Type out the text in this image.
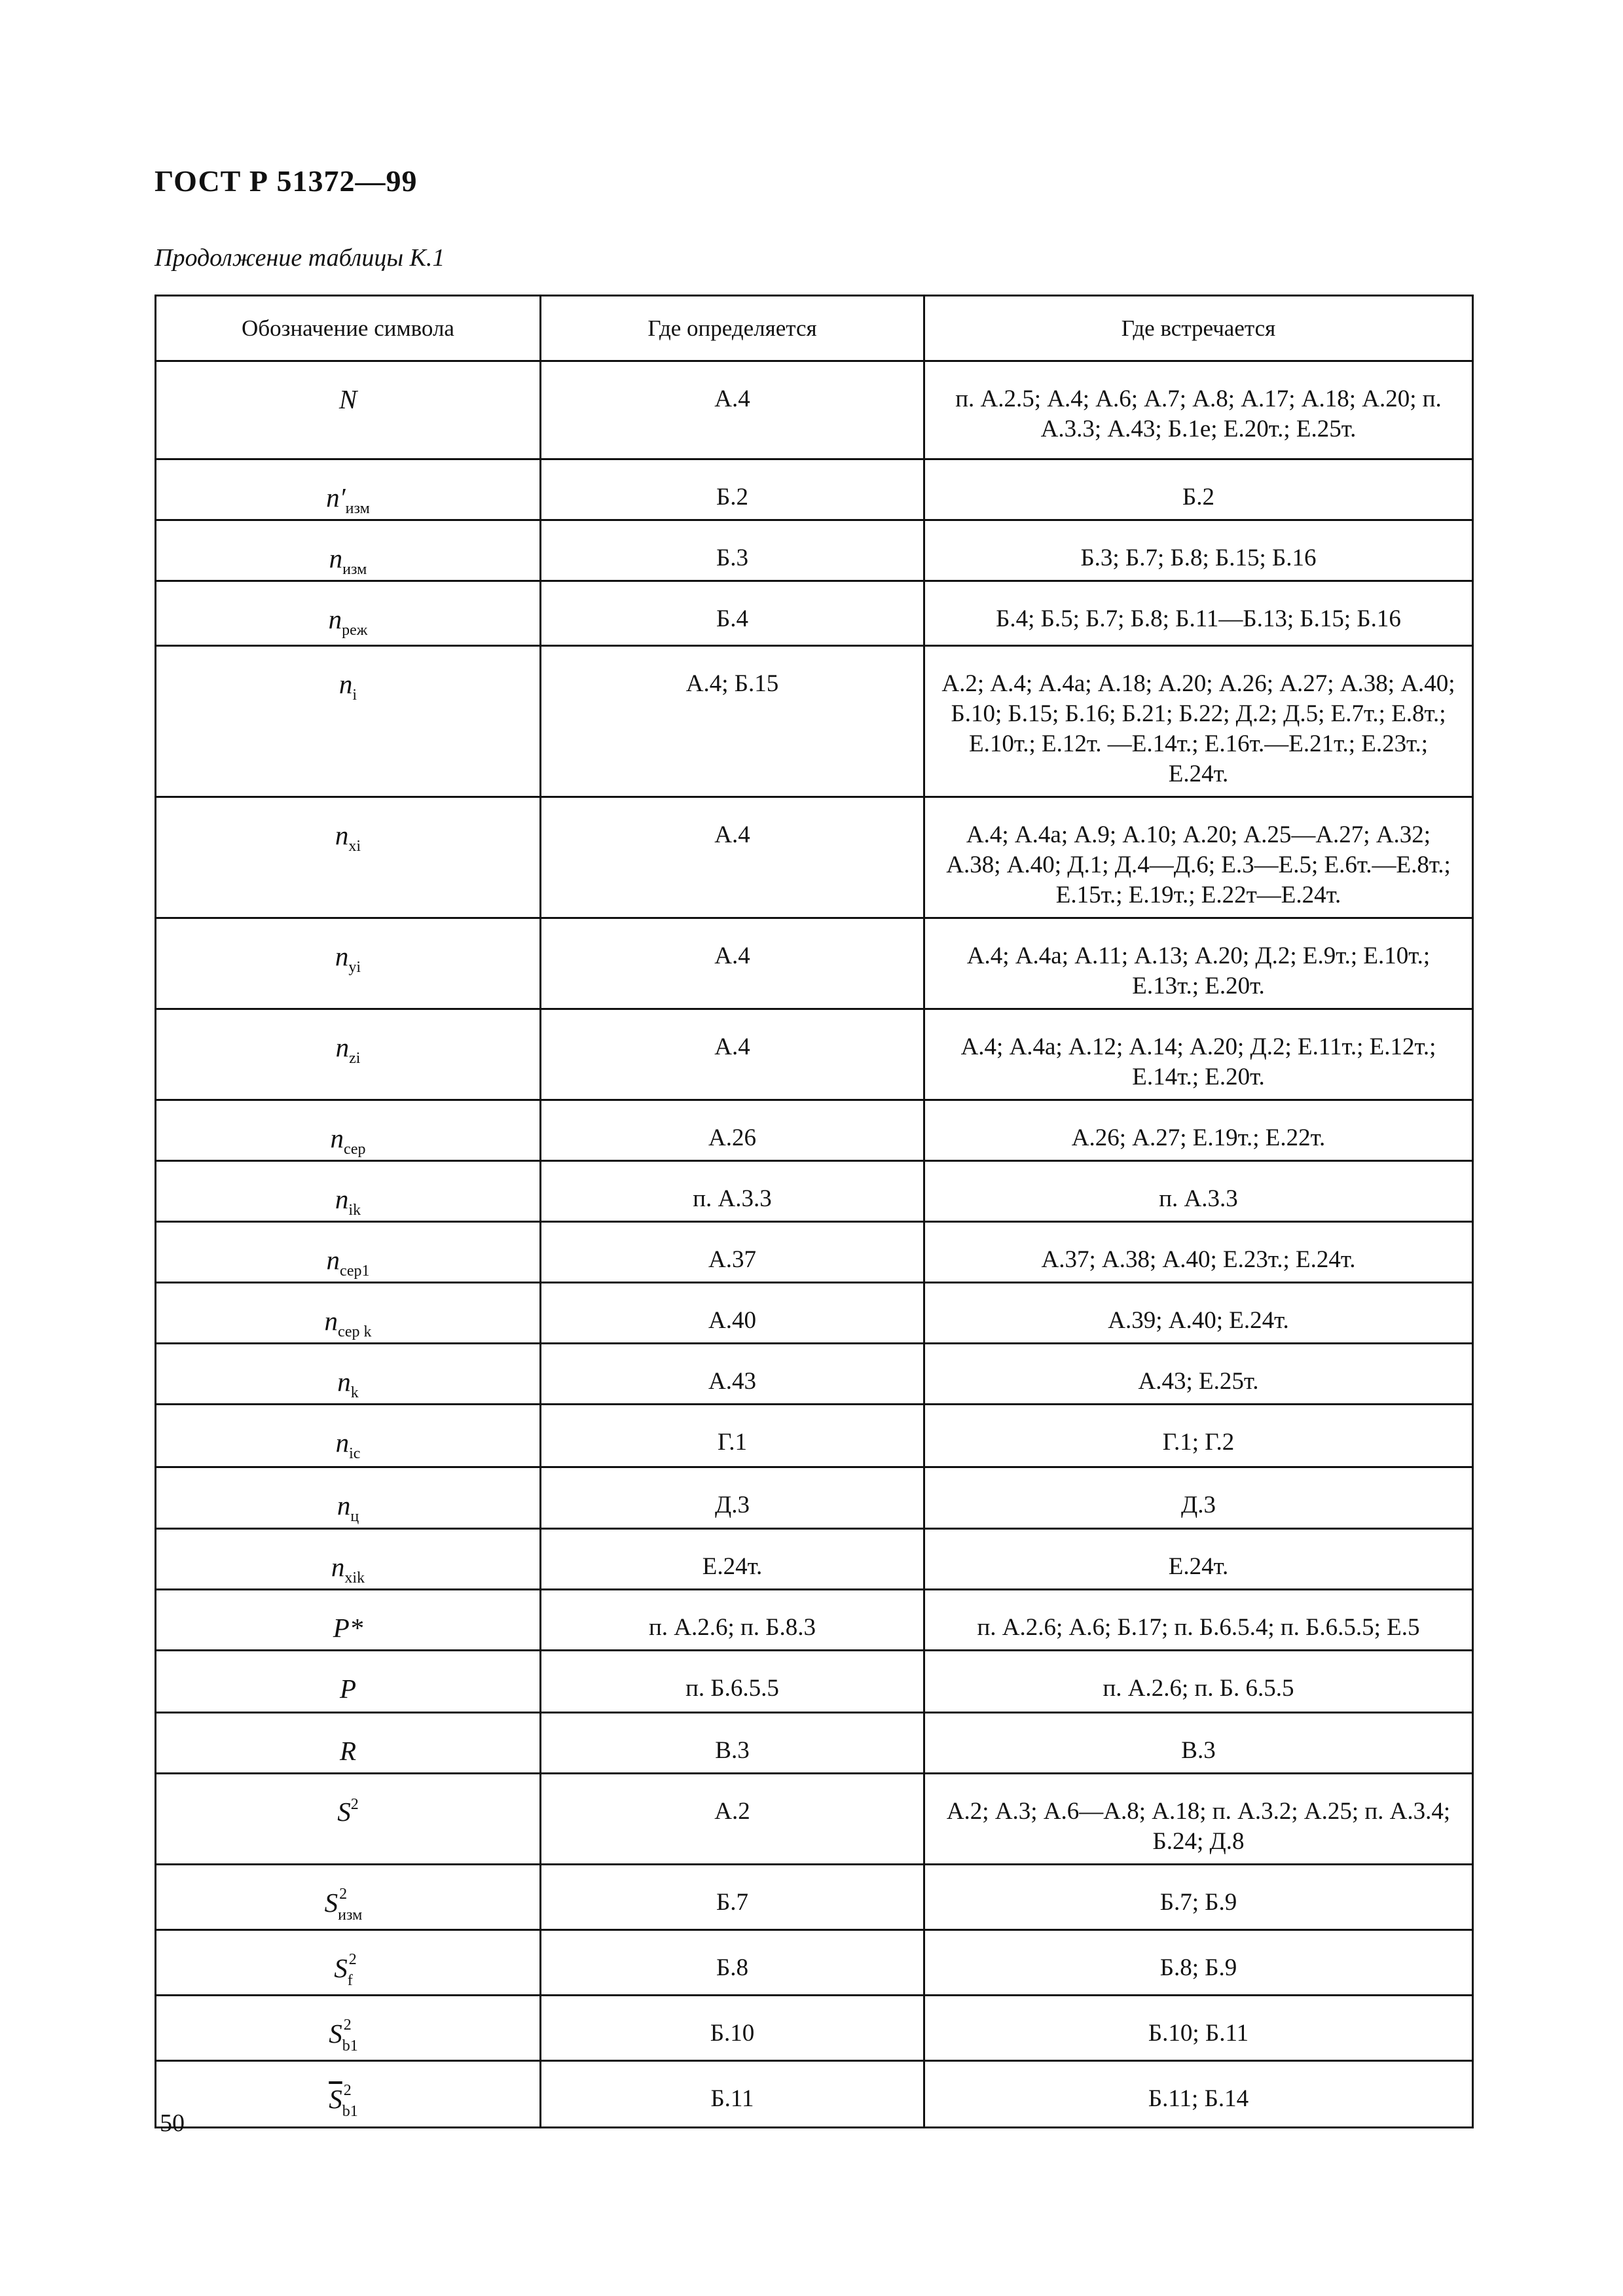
ГОСТ Р 51372—99
Продолжение таблицы К.1
Обозначение символа	Где определяется	Где встречается
N	А.4	п. А.2.5; А.4; А.6; А.7; А.8; А.17; А.18; А.20; п. А.3.3; А.43; Б.1е; Е.20т.; Е.25т.
$n'_{изм}$	Б.2	Б.2
$n_{изм}$	Б.3	Б.3; Б.7; Б.8; Б.15; Б.16
$n_{реж}$	Б.4	Б.4; Б.5; Б.7; Б.8; Б.11—Б.13; Б.15; Б.16
$n_i$	А.4; Б.15	А.2; А.4; А.4а; А.18; А.20; А.26; А.27; А.38; А.40; Б.10; Б.15; Б.16; Б.21; Б.22; Д.2; Д.5; Е.7т.; Е.8т.; Е.10т.; Е.12т. —Е.14т.; Е.16т.—Е.21т.; Е.23т.; Е.24т.
$n_{xi}$	А.4	А.4; А.4а; А.9; А.10; А.20; А.25—А.27; А.32; А.38; А.40; Д.1; Д.4—Д.6; Е.3—Е.5; Е.6т.—Е.8т.; Е.15т.; Е.19т.; Е.22т—Е.24т.
$n_{yi}$	А.4	А.4; А.4а; А.11; А.13; А.20; Д.2; Е.9т.; Е.10т.; Е.13т.; Е.20т.
$n_{zi}$	А.4	А.4; А.4а; А.12; А.14; А.20; Д.2; Е.11т.; Е.12т.; Е.14т.; Е.20т.
$n_{сер}$	А.26	А.26; А.27; Е.19т.; Е.22т.
$n_{ik}$	п. А.3.3	п. А.3.3
$n_{сер1}$	А.37	А.37; А.38; А.40; Е.23т.; Е.24т.
$n_{сер k}$	А.40	А.39; А.40; Е.24т.
$n_k$	А.43	А.43; Е.25т.
$n_{ic}$	Г.1	Г.1; Г.2
$n_ц$	Д.3	Д.3
$n_{xik}$	Е.24т.	Е.24т.
P*	п. А.2.6; п. Б.8.3	п. А.2.6; А.6; Б.17; п. Б.6.5.4; п. Б.6.5.5; Е.5
P	п. Б.6.5.5	п. А.2.6; п. Б. 6.5.5
R	В.3	В.3
$S^2$	А.2	А.2; А.3; А.6—А.8; А.18; п. А.3.2; А.25; п. А.3.4; Б.24; Д.8
$S^2_{изм}$	Б.7	Б.7; Б.9
$S^2_f$	Б.8	Б.8; Б.9
$S^2_{b1}$	Б.10	Б.10; Б.11
$\overline{S}^2_{b1}$	Б.11	Б.11; Б.14
50
